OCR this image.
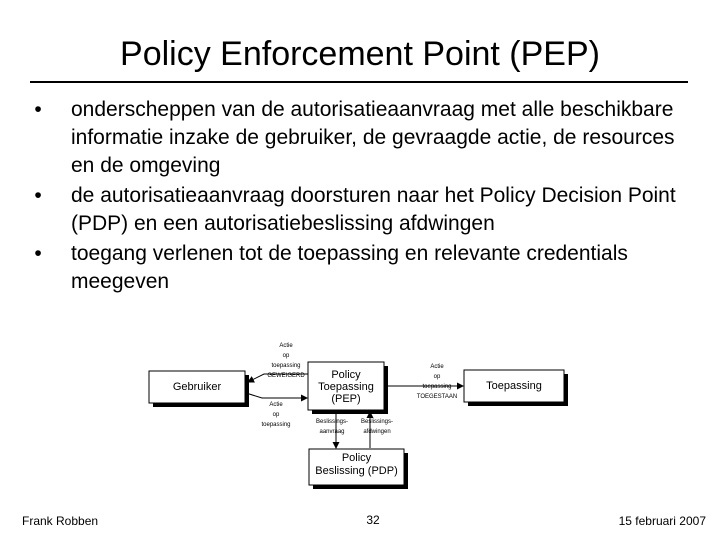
Policy Enforcement Point (PEP)
•	onderscheppen van de autorisatieaanvraag met alle beschikbare informatie inzake de gebruiker, de gevraagde actie, de resources en de omgeving
•	de autorisatieaanvraag doorsturen naar het Policy Decision Point (PDP) en een autorisatiebeslissing afdwingen
•	toegang verlenen tot de toepassing en relevante credentials meegeven
Gebruiker
Policy
Toepassing
(PEP)
Toepassing
Policy
Beslissing (PDP)
Actie
op
toepassing
GEWEIGERD
Actie
op
toepassing
Actie
op
toepassing
TOEGESTAAN
Beslissings-
aanvraag
Beslissings-
afdwingen
Frank Robben	32	15 februari 2007
